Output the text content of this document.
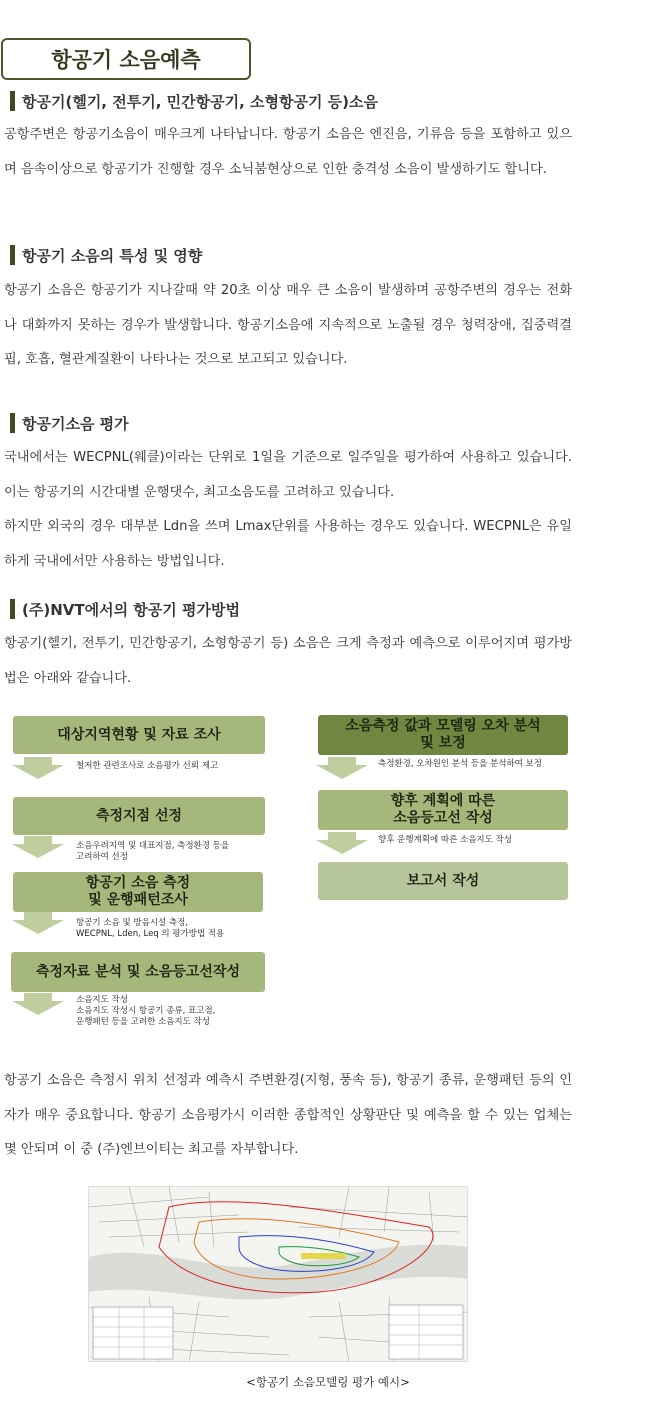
항공기 소음예측
항공기(헬기, 전투기, 민간항공기, 소형항공기 등)소음

공항주변은 항공기소음이 매우크게 나타납니다. 항공기 소음은 엔진음, 기류음 등을 포함하고 있으며 음속이상으로 항공기가 진행할 경우 소닉붐현상으로 인한 충격성 소음이 발생하기도 합니다.

항공기 소음의 특성 및 영향

항공기 소음은 항공기가 지나갈때 약 20초 이상 매우 큰 소음이 발생하며 공항주변의 경우는 전화나 대화까지 못하는 경우가 발생합니다. 항공기소음에 지속적으로 노출될 경우 청력장애, 집중력결핍, 호흡, 혈관계질환이 나타나는 것으로 보고되고 있습니다.

항공기소음 평가

국내에서는 WECPNL(웨클)이라는 단위로 1일을 기준으로 일주일을 평가하여 사용하고 있습니다. 이는 항공기의 시간대별 운행댓수, 최고소음도를 고려하고 있습니다.

하지만 외국의 경우 대부분 Ldn을 쓰며 Lmax단위를 사용하는 경우도 있습니다. WECPNL은 유일하게 국내에서만 사용하는 방법입니다.

(주)NVT에서의 항공기 평가방법

항공기(헬기, 전투기, 민간항공기, 소형항공기 등) 소음은 크게 측정과 예측으로 이루어지며 평가방법은 아래와 같습니다.

대상지역현황 및 자료 조사
철저한 관련조사로 소음평가 신뢰 제고
측정지점 선정
소음우려지역 및 대표지점, 측정환경 등을
고려하여 선정
항공기 소음 측정
및 운행패턴조사
항공기 소음 및 방음시설 측정,
WECPNL, Lden, Leq 의 평가방법 적용
측정자료 분석 및 소음등고선작성
소음지도 작성
소음지도 작성시 항공기 종류, 표고점,
운행패턴 등을 고려한 소음지도 작성
소음측정 값과 모델링 오차 분석
및 보정
측정환경, 오차원인 분석 등을 분석하여 보정
향후 계획에 따른
소음등고선 작성
향후 운행계획에 따른 소음지도 작성
보고서 작성

항공기 소음은 측정시 위치 선정과 예측시 주변환경(지형, 풍속 등), 항공기 종류, 운행패턴 등의 인자가 매우 중요합니다. 항공기 소음평가시 이러한 종합적인 상황판단 및 예측을 할 수 있는 업체는 몇 안되며 이 중 (주)엔브이티는 최고를 자부합니다.

<항공기 소음모델링 평가 예시>
